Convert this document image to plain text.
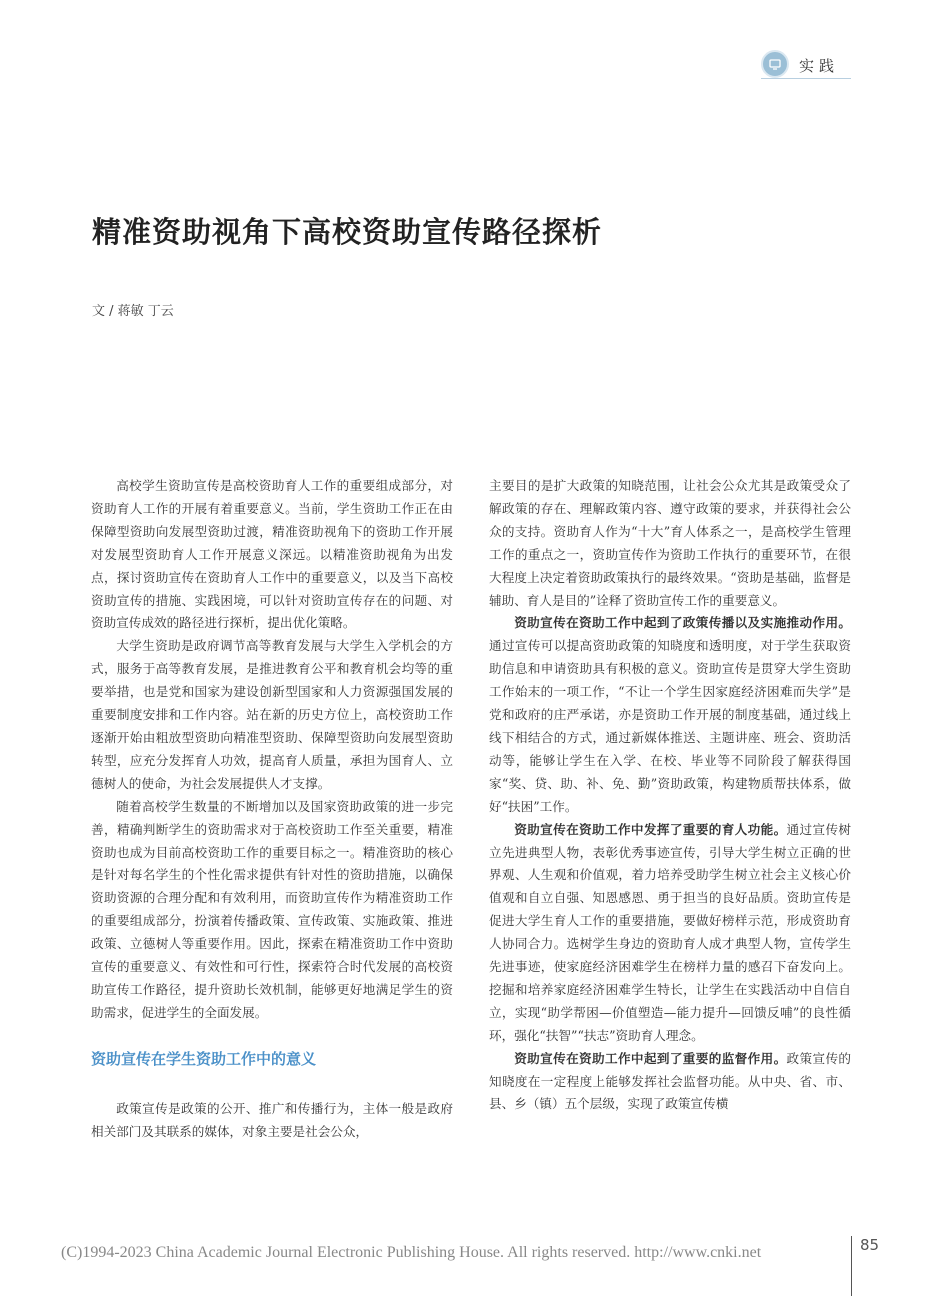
实践
精准资助视角下高校资助宣传路径探析
文 / 蒋敏 丁云

高校学生资助宣传是高校资助育人工作的重要组成部分，对资助育人工作的开展有着重要意义。当前，学生资助工作正在由保障型资助向发展型资助过渡，精准资助视角下的资助工作开展对发展型资助育人工作开展意义深远。以精准资助视角为出发点，探讨资助宣传在资助育人工作中的重要意义，以及当下高校资助宣传的措施、实践困境，可以针对资助宣传存在的问题、对资助宣传成效的路径进行探析，提出优化策略。

大学生资助是政府调节高等教育发展与大学生入学机会的方式，服务于高等教育发展，是推进教育公平和教育机会均等的重要举措，也是党和国家为建设创新型国家和人力资源强国发展的重要制度安排和工作内容。站在新的历史方位上，高校资助工作逐渐开始由粗放型资助向精准型资助、保障型资助向发展型资助转型，应充分发挥育人功效，提高育人质量，承担为国育人、立德树人的使命，为社会发展提供人才支撑。

随着高校学生数量的不断增加以及国家资助政策的进一步完善，精确判断学生的资助需求对于高校资助工作至关重要，精准资助也成为目前高校资助工作的重要目标之一。精准资助的核心是针对每名学生的个性化需求提供有针对性的资助措施，以确保资助资源的合理分配和有效利用，而资助宣传作为精准资助工作的重要组成部分，扮演着传播政策、宣传政策、实施政策、推进政策、立德树人等重要作用。因此，探索在精准资助工作中资助宣传的重要意义、有效性和可行性，探索符合时代发展的高校资助宣传工作路径，提升资助长效机制，能够更好地满足学生的资助需求，促进学生的全面发展。

资助宣传在学生资助工作中的意义

政策宣传是政策的公开、推广和传播行为，主体一般是政府相关部门及其联系的媒体，对象主要是社会公众，

主要目的是扩大政策的知晓范围，让社会公众尤其是政策受众了解政策的存在、理解政策内容、遵守政策的要求，并获得社会公众的支持。资助育人作为“十大”育人体系之一，是高校学生管理工作的重点之一，资助宣传作为资助工作执行的重要环节，在很大程度上决定着资助政策执行的最终效果。“资助是基础，监督是辅助、育人是目的”诠释了资助宣传工作的重要意义。

资助宣传在资助工作中起到了政策传播以及实施推动作用。通过宣传可以提高资助政策的知晓度和透明度，对于学生获取资助信息和申请资助具有积极的意义。资助宣传是贯穿大学生资助工作始末的一项工作，“不让一个学生因家庭经济困难而失学”是党和政府的庄严承诺，亦是资助工作开展的制度基础，通过线上线下相结合的方式，通过新媒体推送、主题讲座、班会、资助活动等，能够让学生在入学、在校、毕业等不同阶段了解获得国家“奖、贷、助、补、免、勤”资助政策，构建物质帮扶体系，做好“扶困”工作。

资助宣传在资助工作中发挥了重要的育人功能。通过宣传树立先进典型人物，表彰优秀事迹宣传，引导大学生树立正确的世界观、人生观和价值观，着力培养受助学生树立社会主义核心价值观和自立自强、知恩感恩、勇于担当的良好品质。资助宣传是促进大学生育人工作的重要措施，要做好榜样示范，形成资助育人协同合力。选树学生身边的资助育人成才典型人物，宣传学生先进事迹，使家庭经济困难学生在榜样力量的感召下奋发向上。挖掘和培养家庭经济困难学生特长，让学生在实践活动中自信自立，实现“助学帮困—价值塑造—能力提升—回馈反哺”的良性循环，强化“扶智”“扶志”资助育人理念。

资助宣传在资助工作中起到了重要的监督作用。政策宣传的知晓度在一定程度上能够发挥社会监督功能。从中央、省、市、县、乡（镇）五个层级，实现了政策宣传横

(C)1994-2023 China Academic Journal Electronic Publishing House. All rights reserved. http://www.cnki.net	85
